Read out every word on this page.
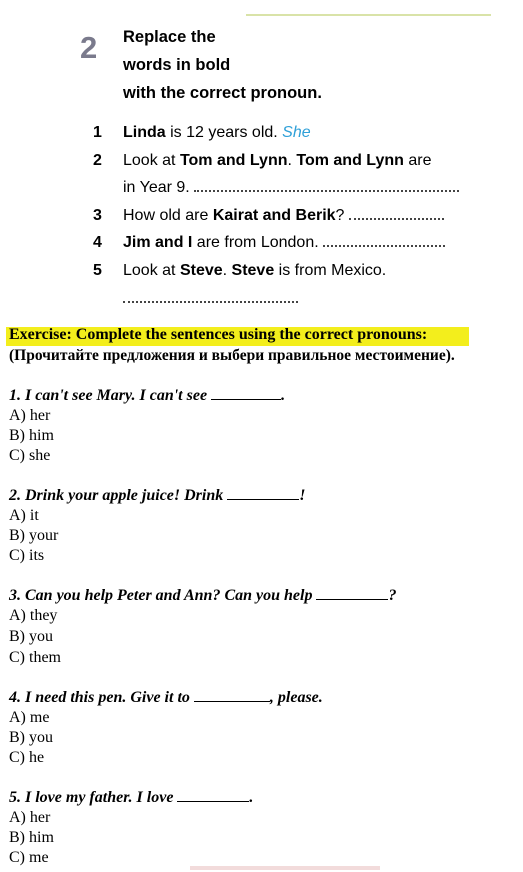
2 Replace the
words in bold
with the correct pronoun.
1 Linda is 12 years old. She
2 Look at Tom and Lynn. Tom and Lynn are
in Year 9.
3 How old are Kairat and Berik?
4 Jim and I are from London.
5 Look at Steve. Steve is from Mexico.
Exercise: Complete the sentences using the correct pronouns:
(Прочитайте предложения и выбери правильное местоимение).
1. I can't see Mary. I can't see	.
A) her
B) him
C) she
2. Drink your apple juice! Drink	!
A) it
B) your
C) its
3. Can you help Peter and Ann? Can you help	?
A) they
B) you
C) them
4. I need this pen. Give it to	, please.
A) me
B) you
C) he
5. I love my father. I love	.
A) her
B) him
C) me
